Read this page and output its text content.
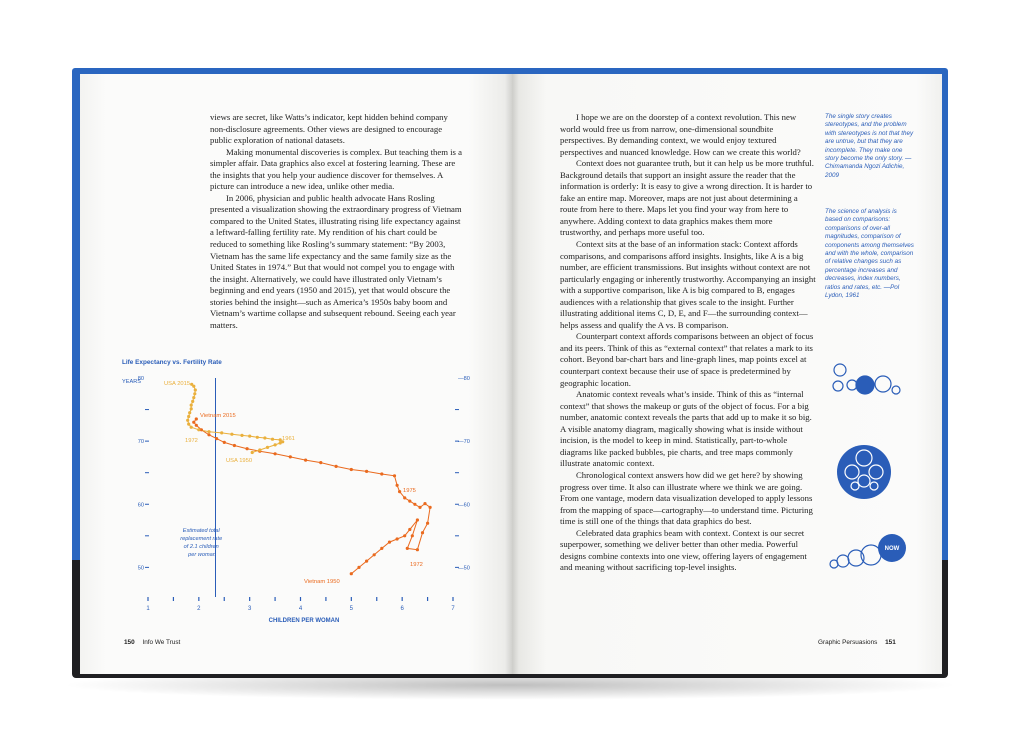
views are secret, like Watts’s indicator, kept hidden behind company non-disclosure agreements. Other views are designed to encourage public exploration of national datasets.

Making monumental discoveries is complex. But teaching them is a simpler affair. Data graphics also excel at fostering learning. These are the insights that you help your audience discover for themselves. A picture can introduce a new idea, unlike other media.

In 2006, physician and public health advocate Hans Rosling presented a visualization showing the extraordinary progress of Vietnam compared to the United States, illustrating rising life expectancy against a leftward-falling fertility rate. My rendition of his chart could be reduced to something like Rosling’s summary statement: “By 2003, Vietnam has the same life expectancy and the same family size as the United States in 1974.” But that would not compel you to engage with the insight. Alternatively, we could have illustrated only Vietnam’s beginning and end years (1950 and 2015), yet that would obscure the stories behind the insight—such as America’s 1950s baby boom and Vietnam’s wartime collapse and subsequent rebound. Seeing each year matters.

Life Expectancy vs. Fertility Rate
YEARS
Estimated total replacement rate of 2.1 children per woman
50	—50
60	—60
70	—70
80	—80
1	2	3	4	5	6	7
USA 2015
Vietnam 2015
1972	1961
USA 1950
1975
1972
Vietnam 1950
CHILDREN PER WOMAN

I hope we are on the doorstep of a context revolution. This new world would free us from narrow, one-dimensional soundbite perspectives. By demanding context, we would enjoy textured perspectives and nuanced knowledge. How can we create this world?

Context does not guarantee truth, but it can help us be more truthful. Background details that support an insight assure the reader that the information is orderly: It is easy to give a wrong direction. It is harder to fake an entire map. Moreover, maps are not just about determining a route from here to there. Maps let you find your way from here to anywhere. Adding context to data graphics makes them more trustworthy, and perhaps more useful too.

Context sits at the base of an information stack: Context affords comparisons, and comparisons afford insights. Insights, like A is a big number, are efficient transmissions. But insights without context are not particularly engaging or inherently trustworthy. Accompanying an insight with a supportive comparison, like A is big compared to B, engages audiences with a relationship that gives scale to the insight. Further illustrating additional items C, D, E, and F—the surrounding context—helps assess and qualify the A vs. B comparison.

Counterpart context affords comparisons between an object of focus and its peers. Think of this as “external context” that relates a mark to its cohort. Beyond bar-chart bars and line-graph lines, map points excel at counterpart context because their use of space is predetermined by geographic location.

Anatomic context reveals what’s inside. Think of this as “internal context” that shows the makeup or guts of the object of focus. For a big number, anatomic context reveals the parts that add up to make it so big. A visible anatomy diagram, magically showing what is inside without incision, is the model to keep in mind. Statistically, part-to-whole diagrams like packed bubbles, pie charts, and tree maps commonly illustrate anatomic context.

Chronological context answers how did we get here? by showing progress over time. It also can illustrate where we think we are going. From one vantage, modern data visualization developed to apply lessons from the mapping of space—cartography—to understand time. Picturing time is still one of the things that data graphics do best.

Celebrated data graphics beam with context. Context is our secret superpower, something we deliver better than other media. Powerful designs combine contexts into one view, offering layers of engagement and meaning without sacrificing top-level insights.

The single story creates stereotypes, and the problem with stereotypes is not that they are untrue, but that they are incomplete. They make one story become the only story. —Chimamanda Ngozi Adichie, 2009
The science of analysis is based on comparisons: comparisons of over-all magnitudes, comparison of components among themselves and with the whole, comparison of relative changes such as percentage increases and decreases, index numbers, ratios and rates, etc. —Pol Lydon, 1961
NOW
150 Info We Trust	Graphic Persuasions 151
